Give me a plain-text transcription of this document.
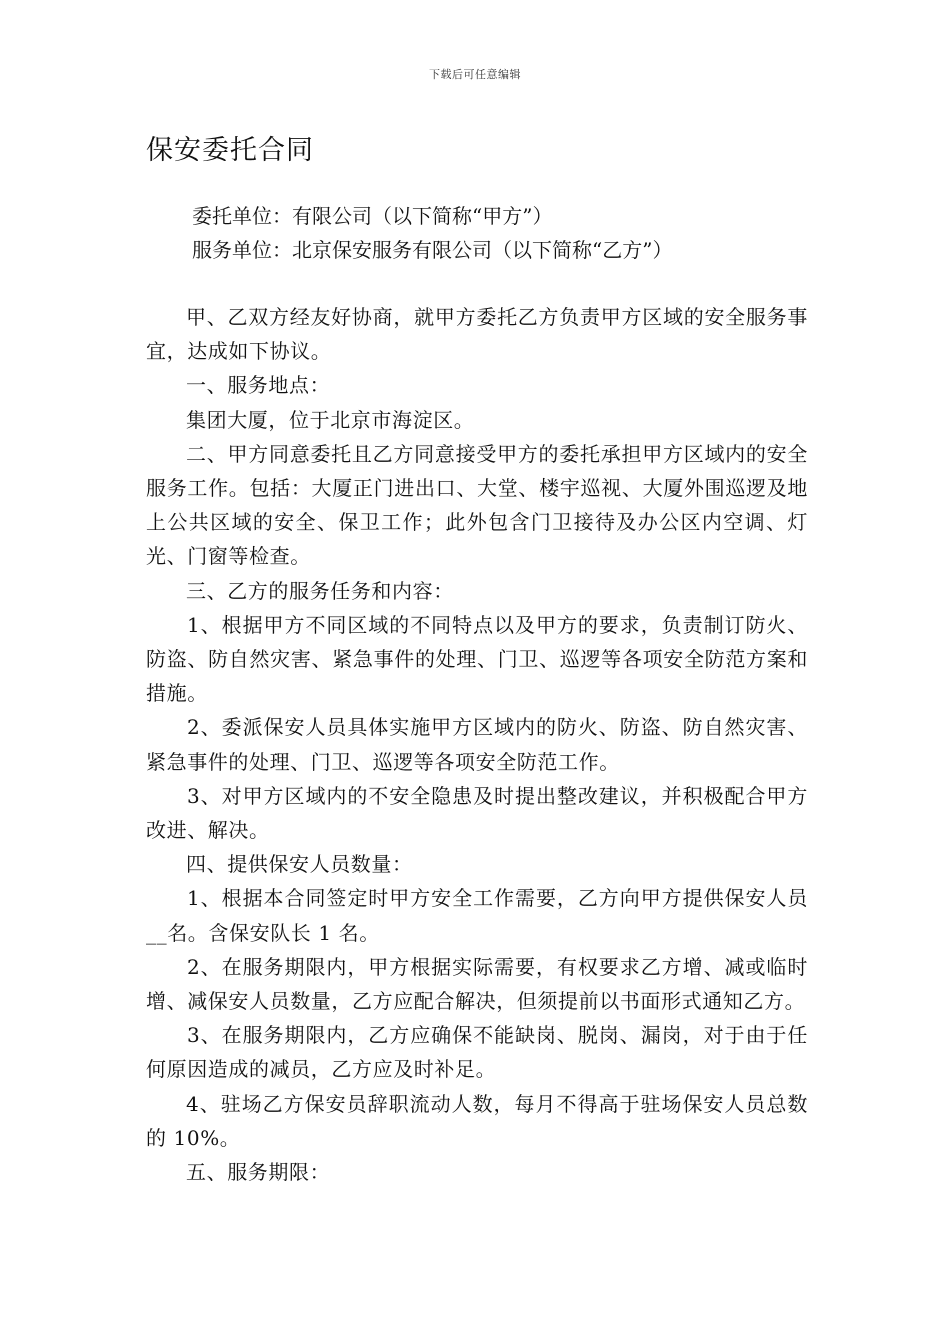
下载后可任意编辑
保安委托合同
委托单位：有限公司（以下简称“甲方”）
服务单位：北京保安服务有限公司（以下简称“乙方”）

甲、乙双方经友好协商，就甲方委托乙方负责甲方区域的安全服务事宜，达成如下协议。

一、服务地点：

集团大厦，位于北京市海淀区。

二、甲方同意委托且乙方同意接受甲方的委托承担甲方区域内的安全服务工作。包括：大厦正门进出口、大堂、楼宇巡视、大厦外围巡逻及地上公共区域的安全、保卫工作；此外包含门卫接待及办公区内空调、灯光、门窗等检查。

三、乙方的服务任务和内容：

1、根据甲方不同区域的不同特点以及甲方的要求，负责制订防火、防盗、防自然灾害、紧急事件的处理、门卫、巡逻等各项安全防范方案和措施。

2、委派保安人员具体实施甲方区域内的防火、防盗、防自然灾害、紧急事件的处理、门卫、巡逻等各项安全防范工作。

3、对甲方区域内的不安全隐患及时提出整改建议，并积极配合甲方改进、解决。

四、提供保安人员数量：

1、根据本合同签定时甲方安全工作需要，乙方向甲方提供保安人员__名。含保安队长 1 名。

2、在服务期限内，甲方根据实际需要，有权要求乙方增、减或临时增、减保安人员数量，乙方应配合解决，但须提前以书面形式通知乙方。

3、在服务期限内，乙方应确保不能缺岗、脱岗、漏岗，对于由于任何原因造成的减员，乙方应及时补足。

4、驻场乙方保安员辞职流动人数，每月不得高于驻场保安人员总数的 10%。

五、服务期限：
